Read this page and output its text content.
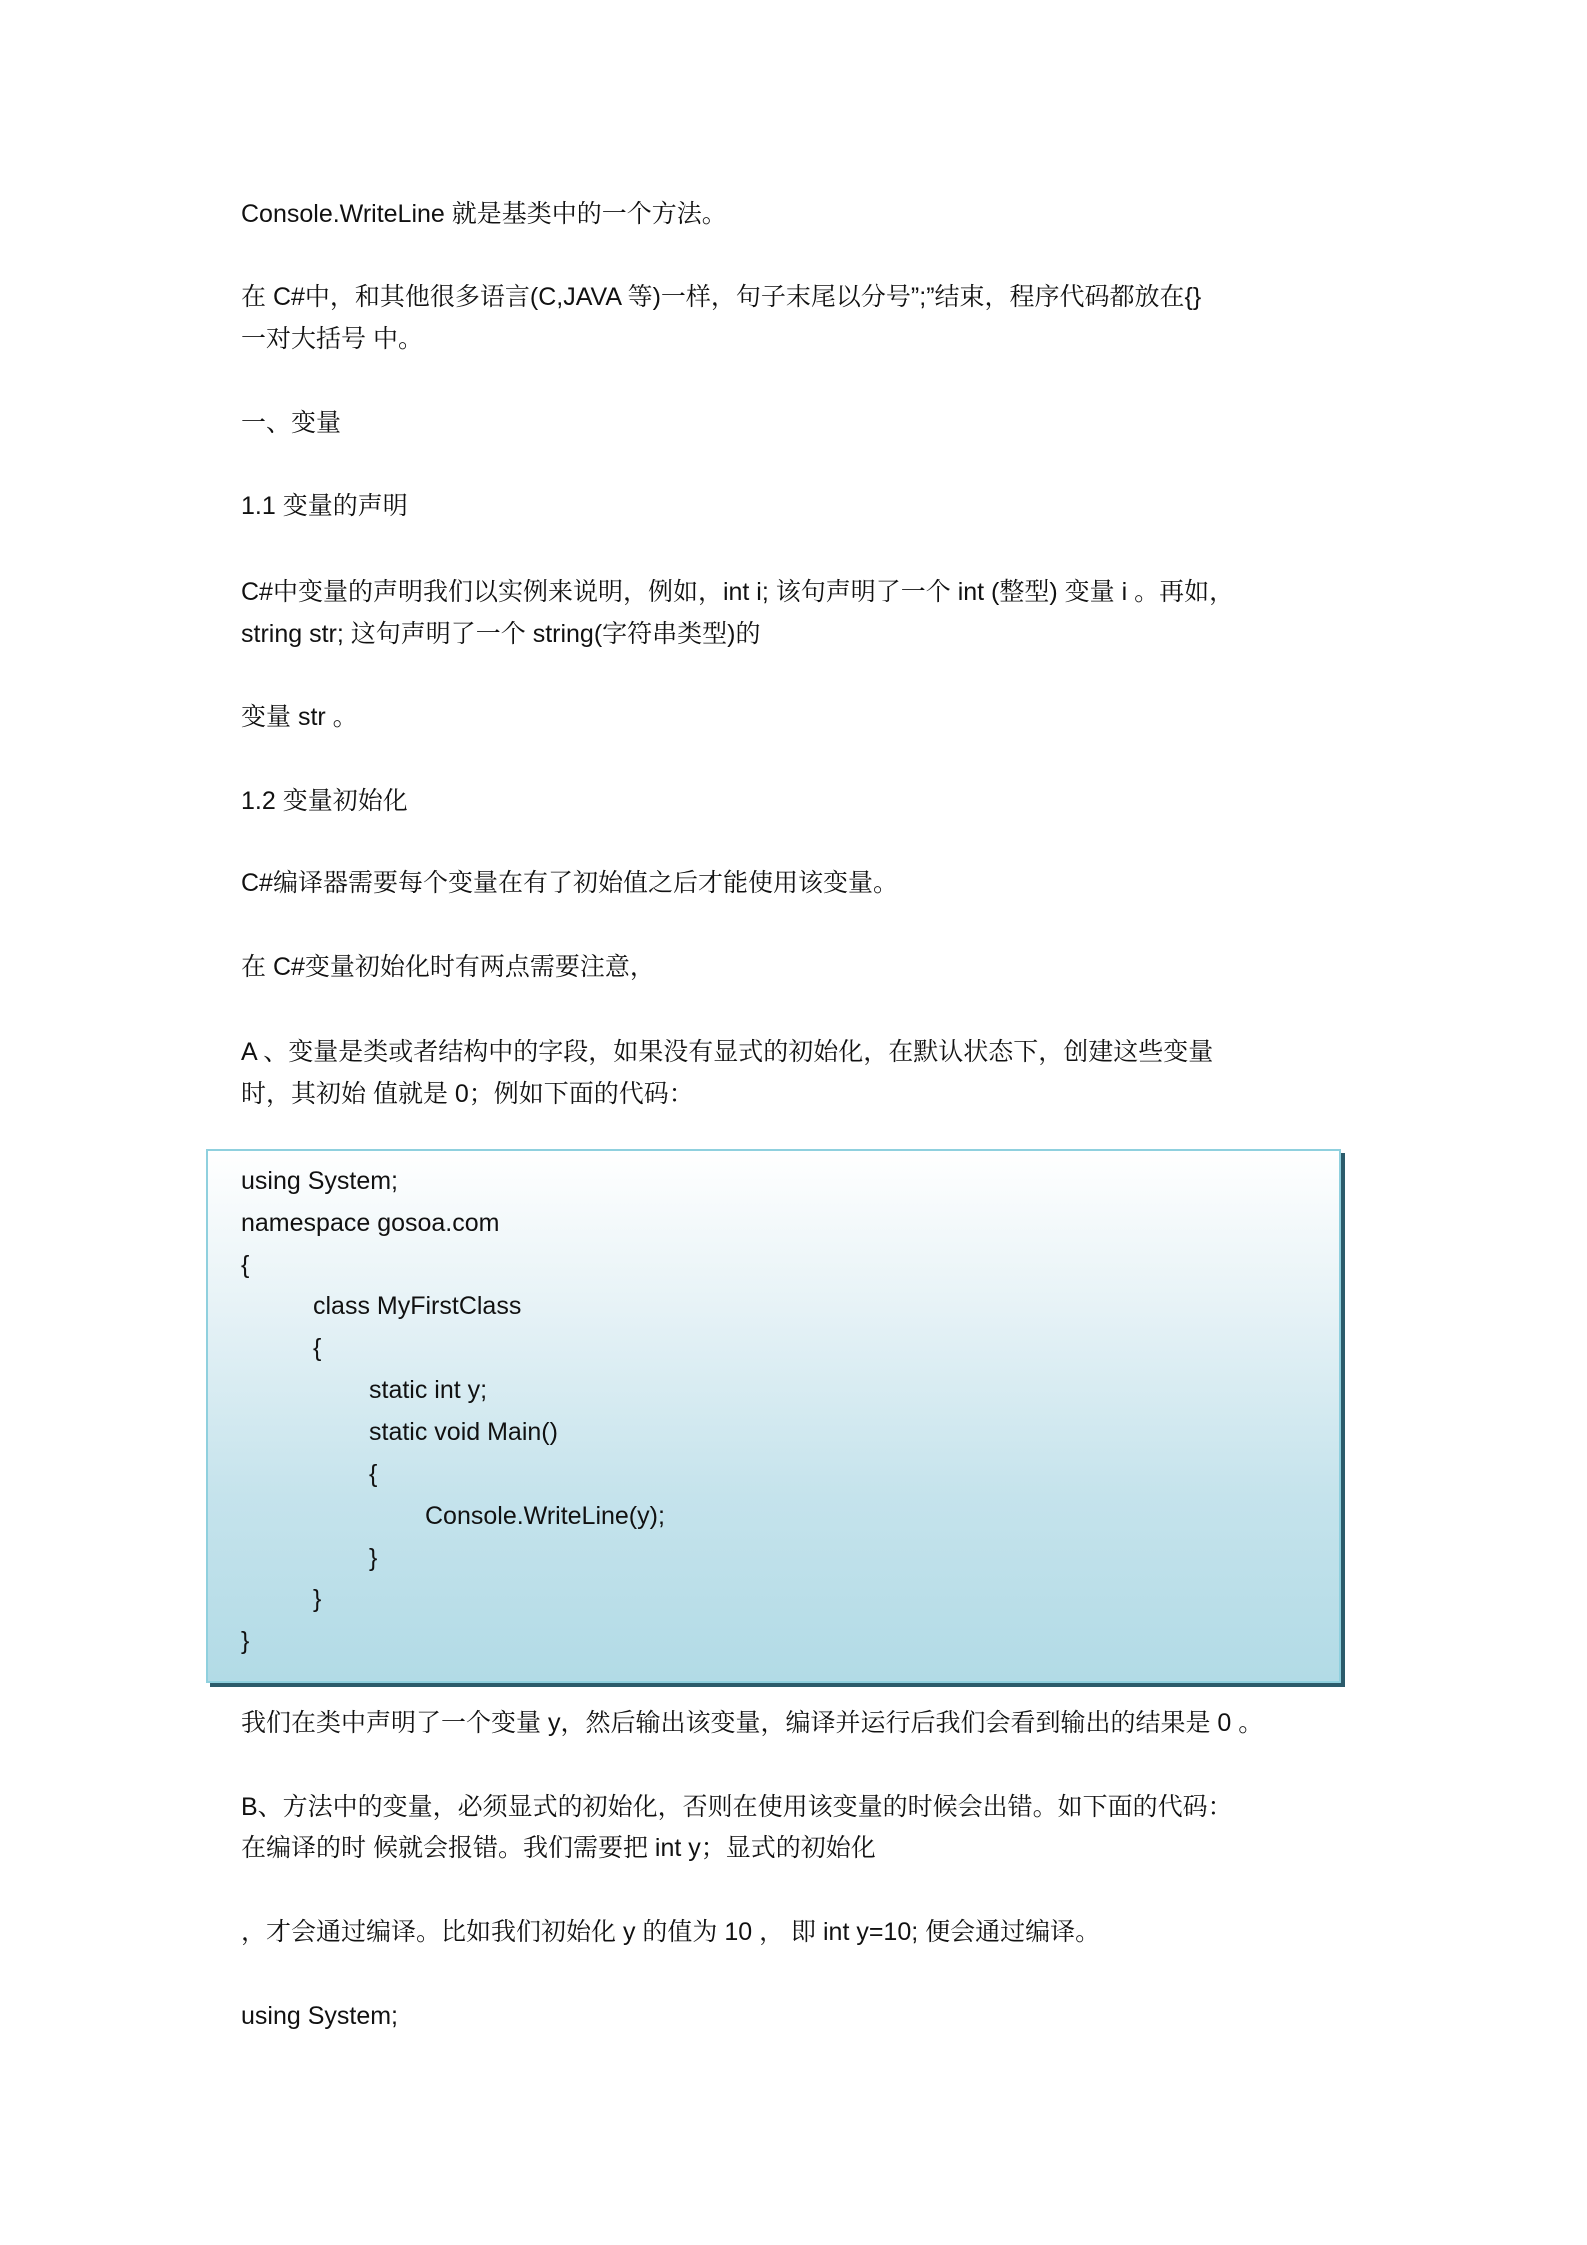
Console.WriteLine 就是基类中的一个方法。
在 C#中，和其他很多语言(C,JAVA 等)一样，句子末尾以分号”;”结束，程序代码都放在{}
一对大括号 中。
一、变量
1.1 变量的声明
C#中变量的声明我们以实例来说明，例如，int i; 该句声明了一个 int (整型) 变量 i 。再如，
string str; 这句声明了一个 string(字符串类型)的
变量 str 。
1.2 变量初始化
C#编译器需要每个变量在有了初始值之后才能使用该变量。
在 C#变量初始化时有两点需要注意，
A 、变量是类或者结构中的字段，如果没有显式的初始化，在默认状态下，创建这些变量
时，其初始 值就是 0；例如下面的代码：
using System;
namespace gosoa.com
{
class MyFirstClass
{
static int y;
static void Main()
{
Console.WriteLine(y);
}
}
}
我们在类中声明了一个变量 y，然后输出该变量，编译并运行后我们会看到输出的结果是 0 。
B、方法中的变量，必须显式的初始化，否则在使用该变量的时候会出错。如下面的代码：
在编译的时 候就会报错。我们需要把 int y；显式的初始化
，才会通过编译。比如我们初始化 y 的值为 10 ， 即 int y=10; 便会通过编译。
using System;
